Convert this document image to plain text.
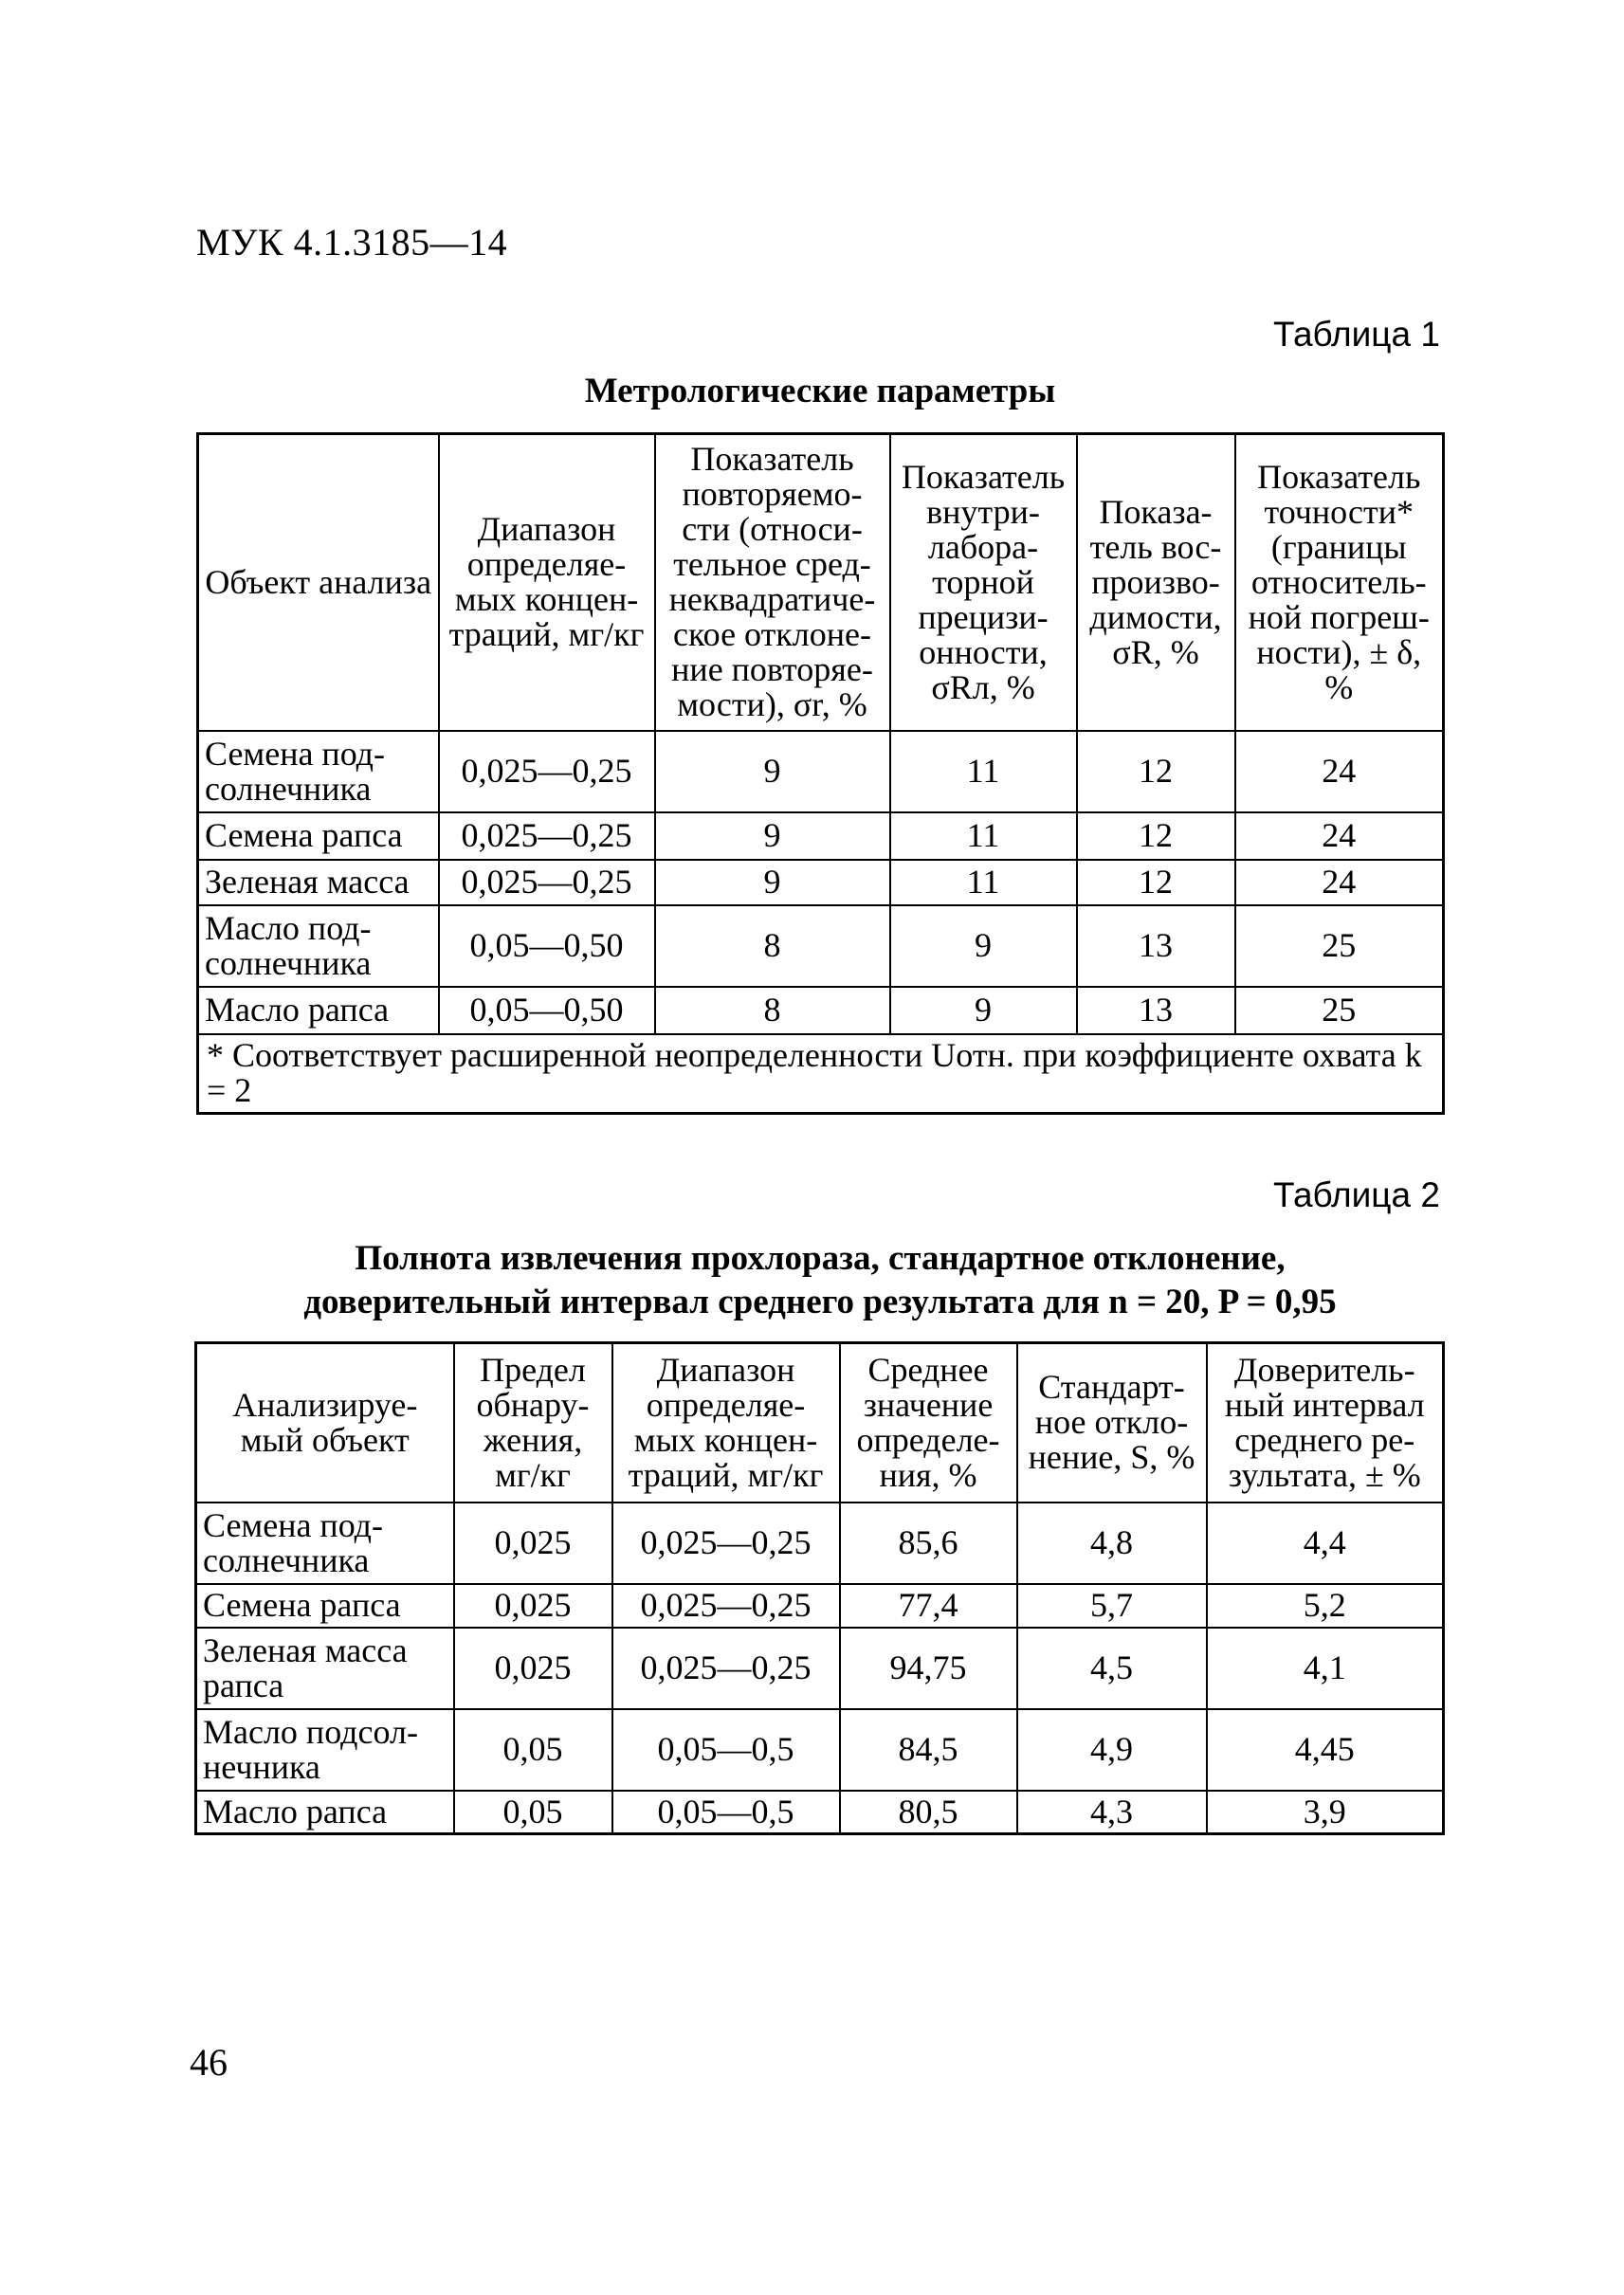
МУК 4.1.3185—14
Таблица 1
Метрологические параметры
Объект анализа	Диапазон определяе-мых концен-траций, мг/кг	Показатель повторяемо-сти (относи-тельное сред-неквадратиче-ское отклоне-ние повторяе-мости), σr, %	Показатель внутри-лабора-торной прецизи-онности, σRл, %	Показа-тель вос-произво-димости, σR, %	Показатель точности* (границы относитель-ной погреш-ности), ± δ, %
Семена под-солнечника	0,025—0,25	9	11	12	24
Семена рапса	0,025—0,25	9	11	12	24
Зеленая масса	0,025—0,25	9	11	12	24
Масло под-солнечника	0,05—0,50	8	9	13	25
Масло рапса	0,05—0,50	8	9	13	25
* Соответствует расширенной неопределенности Uотн. при коэффициенте охвата k = 2					
Таблица 2
Полнота извлечения прохлораза, стандартное отклонение,
доверительный интервал среднего результата для n = 20, P = 0,95
Анализируе-мый объект	Предел обнару-жения, мг/кг	Диапазон определяе-мых концен-траций, мг/кг	Среднее значение определе-ния, %	Стандарт-ное откло-нение, S, %	Доверитель-ный интервал среднего ре-зультата, ± %
Семена под-солнечника	0,025	0,025—0,25	85,6	4,8	4,4
Семена рапса	0,025	0,025—0,25	77,4	5,7	5,2
Зеленая масса рапса	0,025	0,025—0,25	94,75	4,5	4,1
Масло подсол-нечника	0,05	0,05—0,5	84,5	4,9	4,45
Масло рапса	0,05	0,05—0,5	80,5	4,3	3,9
46
